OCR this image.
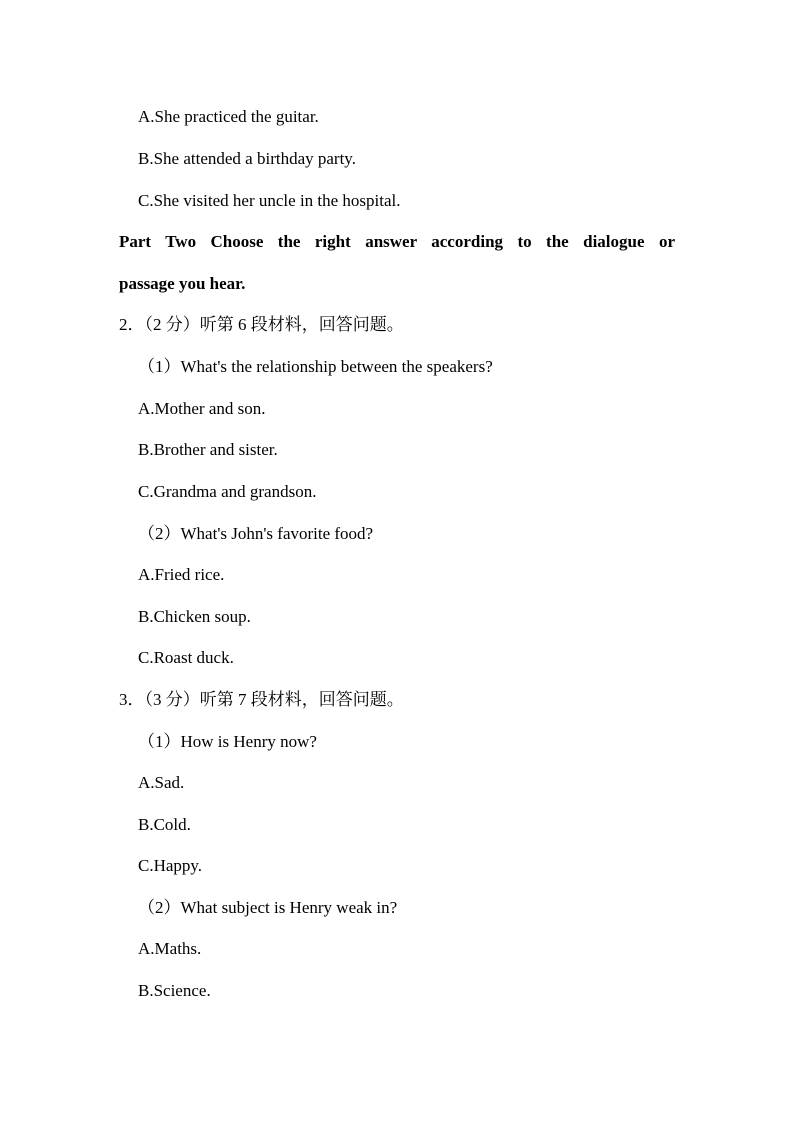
A.She practiced the guitar.
B.She attended a birthday party.
C.She visited her uncle in the hospital.
Part Two Choose the right answer according to the dialogue or
passage you hear.
2．（2 分）听第 6 段材料，回答问题。
（1）What's the relationship between the speakers?
A.Mother and son.
B.Brother and sister.
C.Grandma and grandson.
（2）What's John's favorite food?
A.Fried rice.
B.Chicken soup.
C.Roast duck.
3．（3 分）听第 7 段材料，回答问题。
（1）How is Henry now?
A.Sad.
B.Cold.
C.Happy.
（2）What subject is Henry weak in?
A.Maths.
B.Science.
